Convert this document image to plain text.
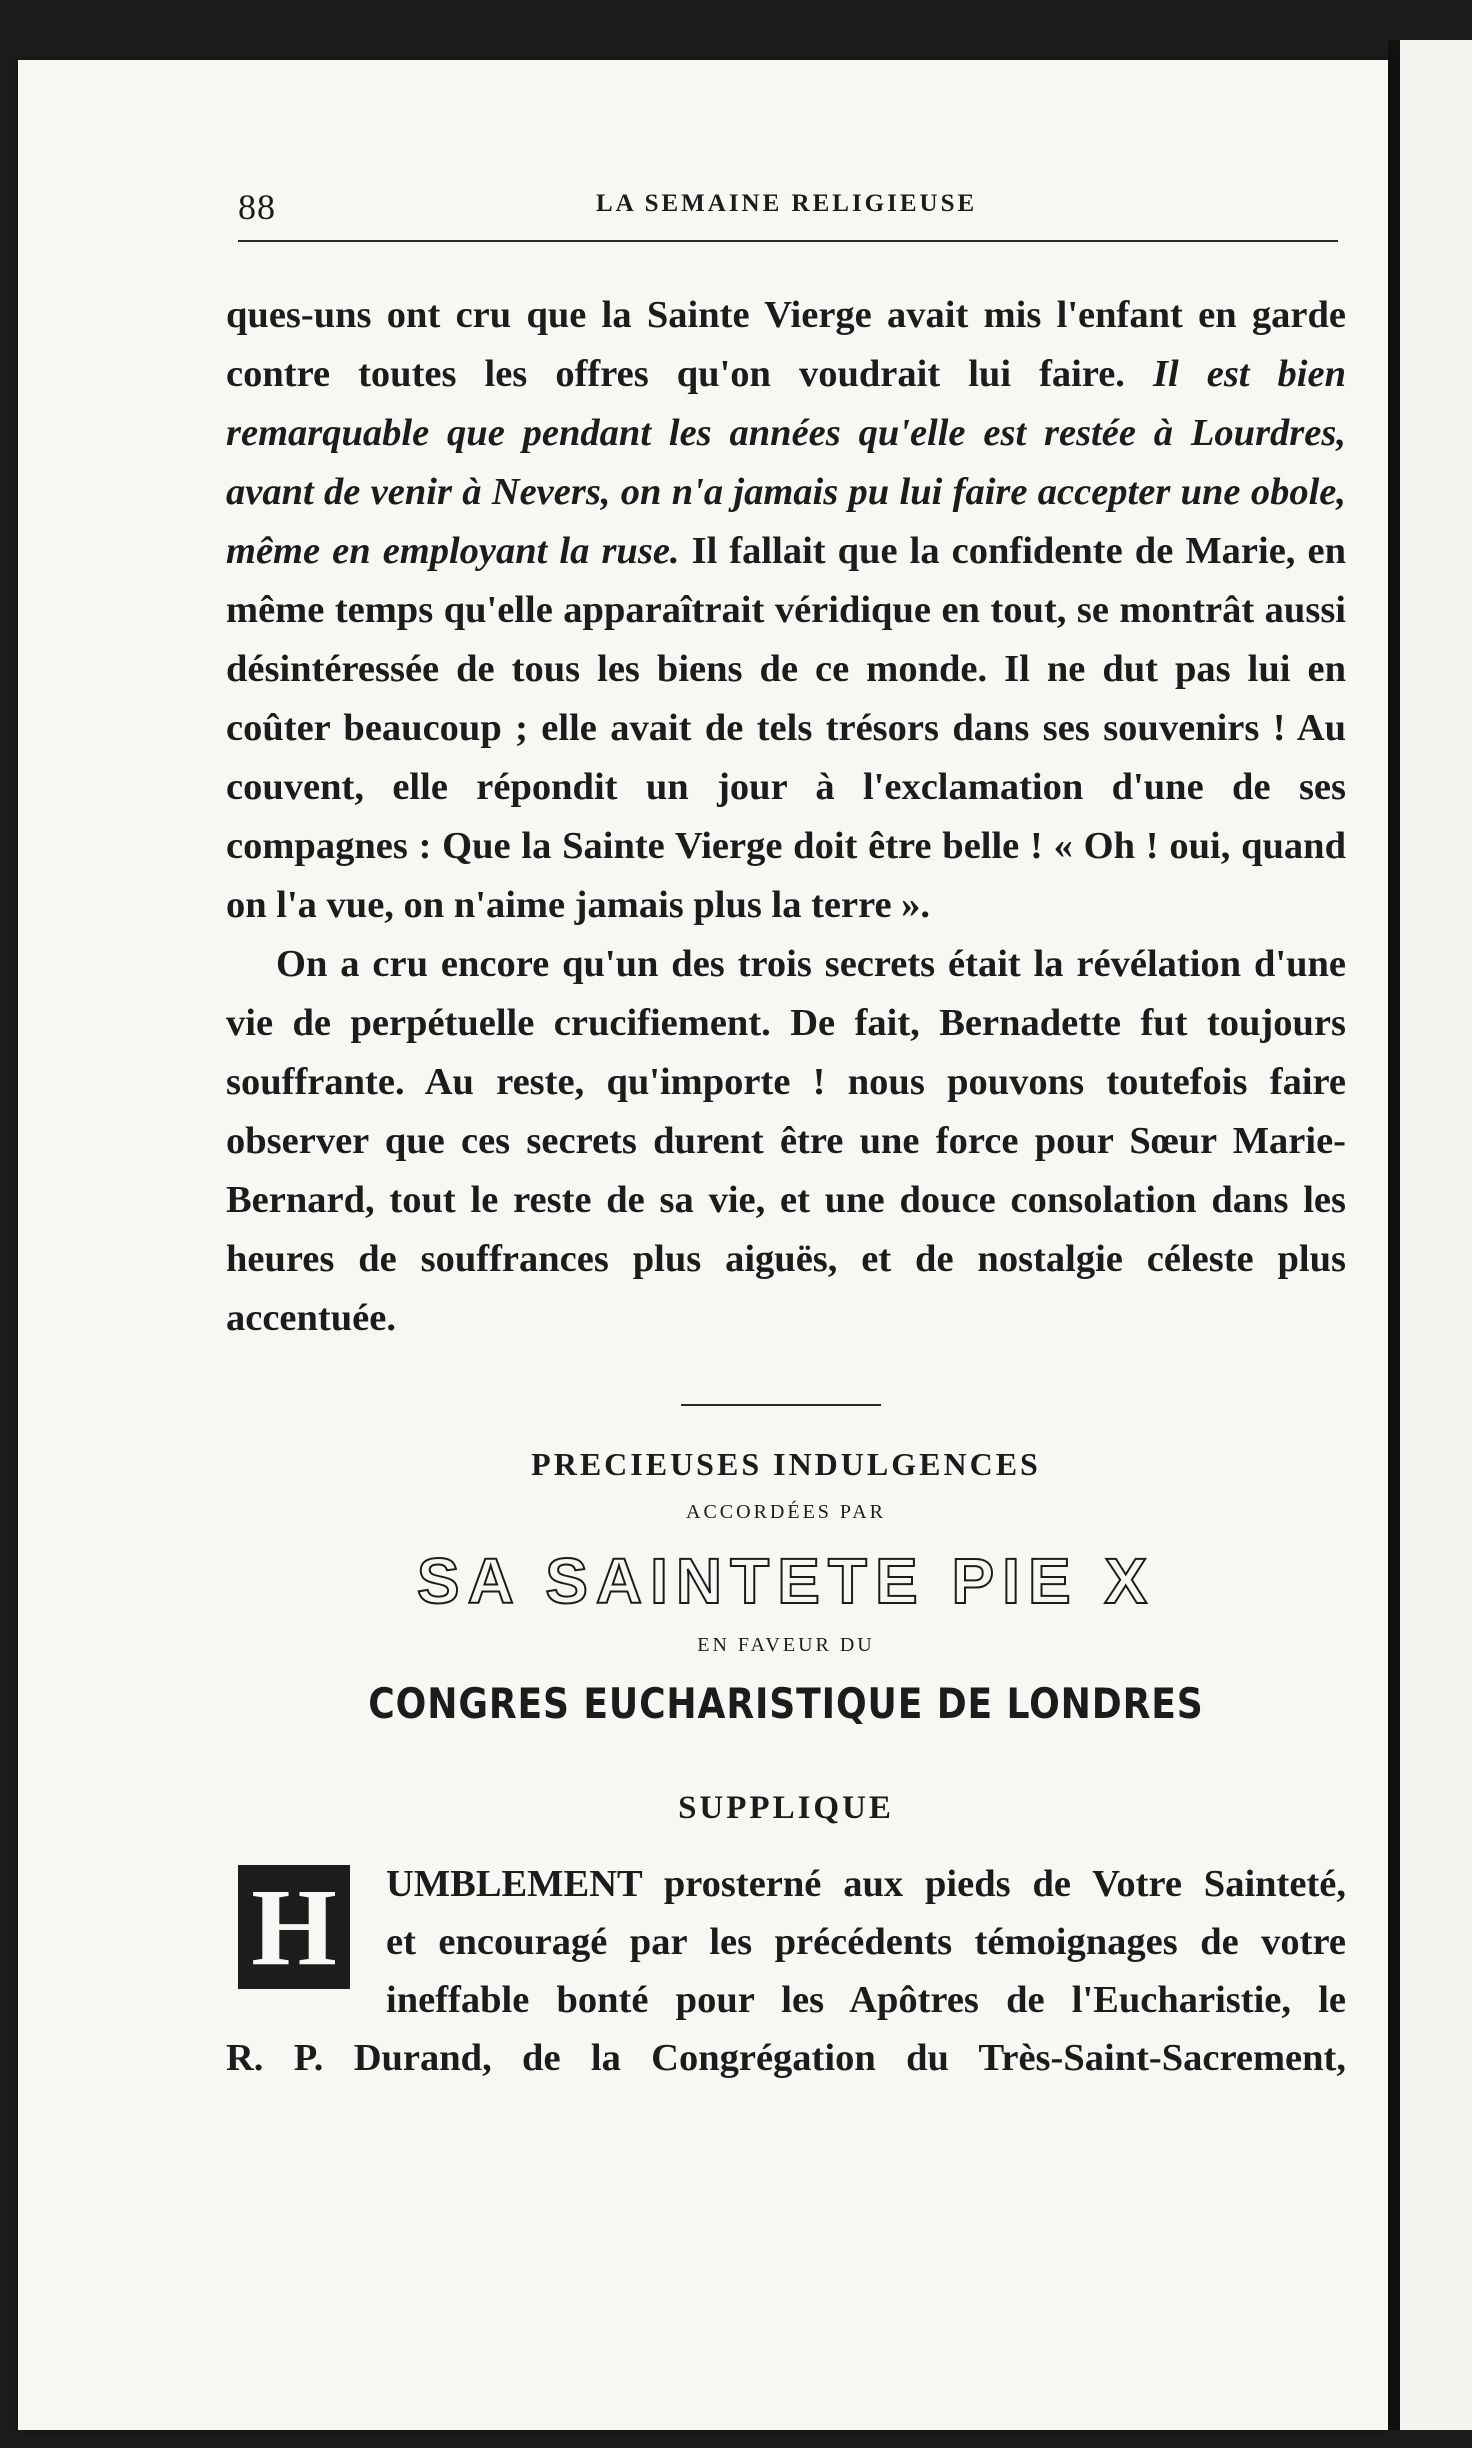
88	LA SEMAINE RELIGIEUSE

ques-uns ont cru que la Sainte Vierge avait mis l'enfant en garde contre toutes les offres qu'on voudrait lui faire. Il est bien remarquable que pendant les années qu'elle est restée à Lourdres, avant de venir à Nevers, on n'a jamais pu lui faire accepter une obole, même en employant la ruse. Il fallait que la confidente de Marie, en même temps qu'elle apparaîtrait véridique en tout, se montrât aussi désintéressée de tous les biens de ce monde. Il ne dut pas lui en coûter beaucoup ; elle avait de tels trésors dans ses souvenirs ! Au couvent, elle répondit un jour à l'exclamation d'une de ses compagnes : Que la Sainte Vierge doit être belle ! « Oh ! oui, quand on l'a vue, on n'aime jamais plus la terre ».

On a cru encore qu'un des trois secrets était la révélation d'une vie de perpétuelle crucifiement. De fait, Bernadette fut toujours souffrante. Au reste, qu'importe ! nous pouvons toutefois faire observer que ces secrets durent être une force pour Sœur Marie-Bernard, tout le reste de sa vie, et une douce consolation dans les heures de souffrances plus aiguës, et de nostalgie céleste plus accentuée.

PRECIEUSES INDULGENCES
ACCORDÉES PAR
SA SAINTETE PIE X
EN FAVEUR DU
CONGRES EUCHARISTIQUE DE LONDRES
SUPPLIQUE
H	UMBLEMENT prosterné aux pieds de Votre Sainteté,
et encouragé par les précédents témoignages de votre
ineffable bonté pour les Apôtres de l'Eucharistie, le
R. P. Durand, de la Congrégation du Très-Saint-Sacrement,
